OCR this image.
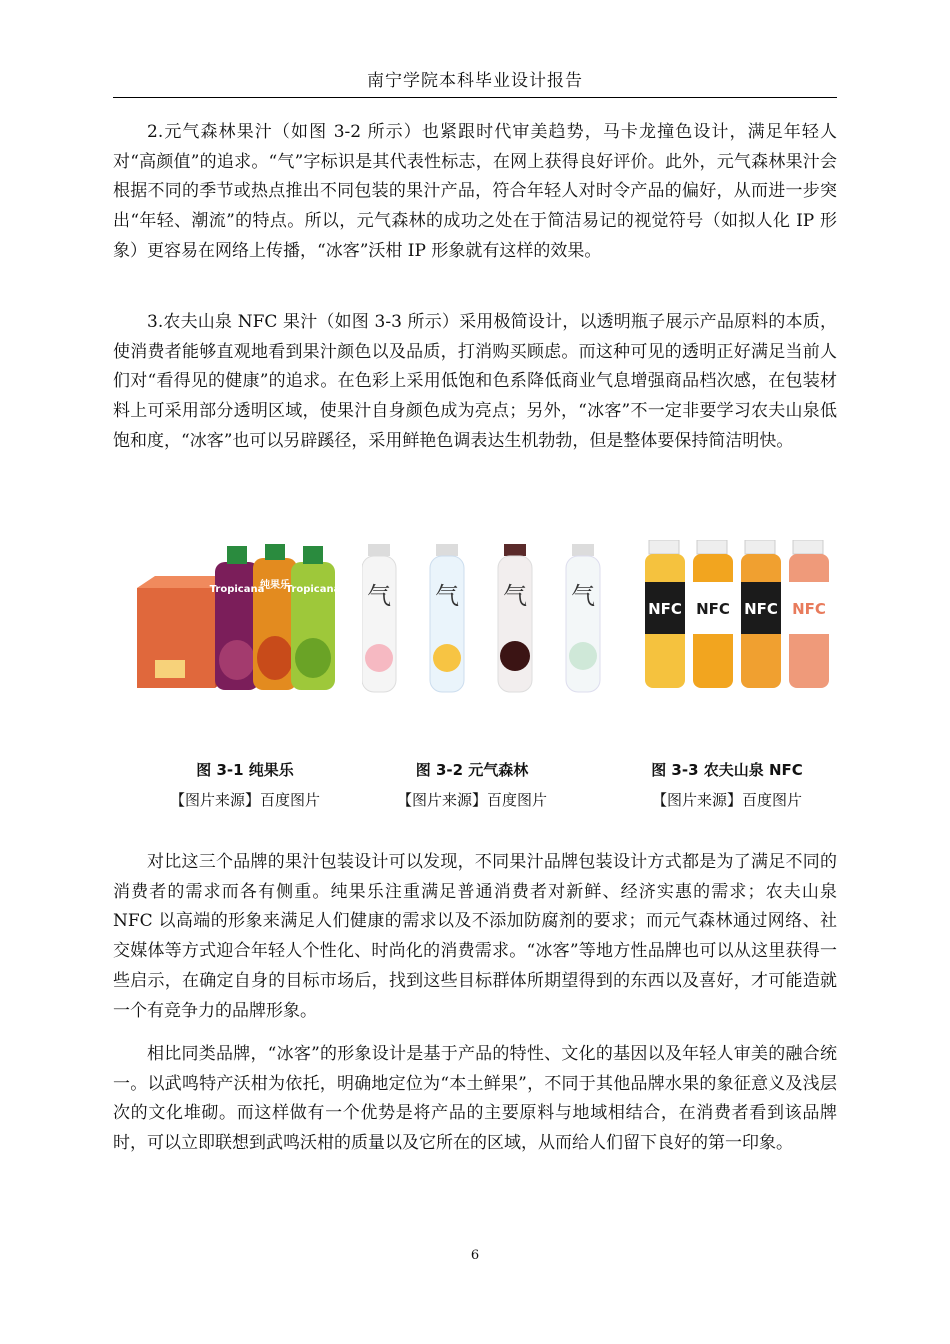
南宁学院本科毕业设计报告

2.元气森林果汁（如图 3-2 所示）也紧跟时代审美趋势，马卡龙撞色设计，满足年轻人对“高颜值”的追求。“气”字标识是其代表性标志，在网上获得良好评价。此外，元气森林果汁会根据不同的季节或热点推出不同包装的果汁产品，符合年轻人对时令产品的偏好，从而进一步突出“年轻、潮流”的特点。所以，元气森林的成功之处在于简洁易记的视觉符号（如拟人化 IP 形象）更容易在网络上传播，“冰客”沃柑 IP 形象就有这样的效果。

3.农夫山泉 NFC 果汁（如图 3-3 所示）采用极简设计，以透明瓶子展示产品原料的本质，使消费者能够直观地看到果汁颜色以及品质，打消购买顾虑。而这种可见的透明正好满足当前人们对“看得见的健康”的追求。在色彩上采用低饱和色系降低商业气息增强商品档次感，在包装材料上可采用部分透明区域，使果汁自身颜色成为亮点；另外，“冰客”不一定非要学习农夫山泉低饱和度，“冰客”也可以另辟蹊径，采用鲜艳色调表达生机勃勃，但是整体要保持简洁明快。

Tropicana
纯果乐
Tropicana
图 3-1 纯果乐
【图片来源】百度图片
气 气 气 气
图 3-2 元气森林
【图片来源】百度图片
NFC NFC NFC NFC
图 3-3 农夫山泉 NFC
【图片来源】百度图片

对比这三个品牌的果汁包装设计可以发现，不同果汁品牌包装设计方式都是为了满足不同的消费者的需求而各有侧重。纯果乐注重满足普通消费者对新鲜、经济实惠的需求；农夫山泉 NFC 以高端的形象来满足人们健康的需求以及不添加防腐剂的要求；而元气森林通过网络、社交媒体等方式迎合年轻人个性化、时尚化的消费需求。“冰客”等地方性品牌也可以从这里获得一些启示，在确定自身的目标市场后，找到这些目标群体所期望得到的东西以及喜好，才可能造就一个有竞争力的品牌形象。

相比同类品牌，“冰客”的形象设计是基于产品的特性、文化的基因以及年轻人审美的融合统一。以武鸣特产沃柑为依托，明确地定位为“本土鲜果”，不同于其他品牌水果的象征意义及浅层次的文化堆砌。而这样做有一个优势是将产品的主要原料与地域相结合，在消费者看到该品牌时，可以立即联想到武鸣沃柑的质量以及它所在的区域，从而给人们留下良好的第一印象。

6
